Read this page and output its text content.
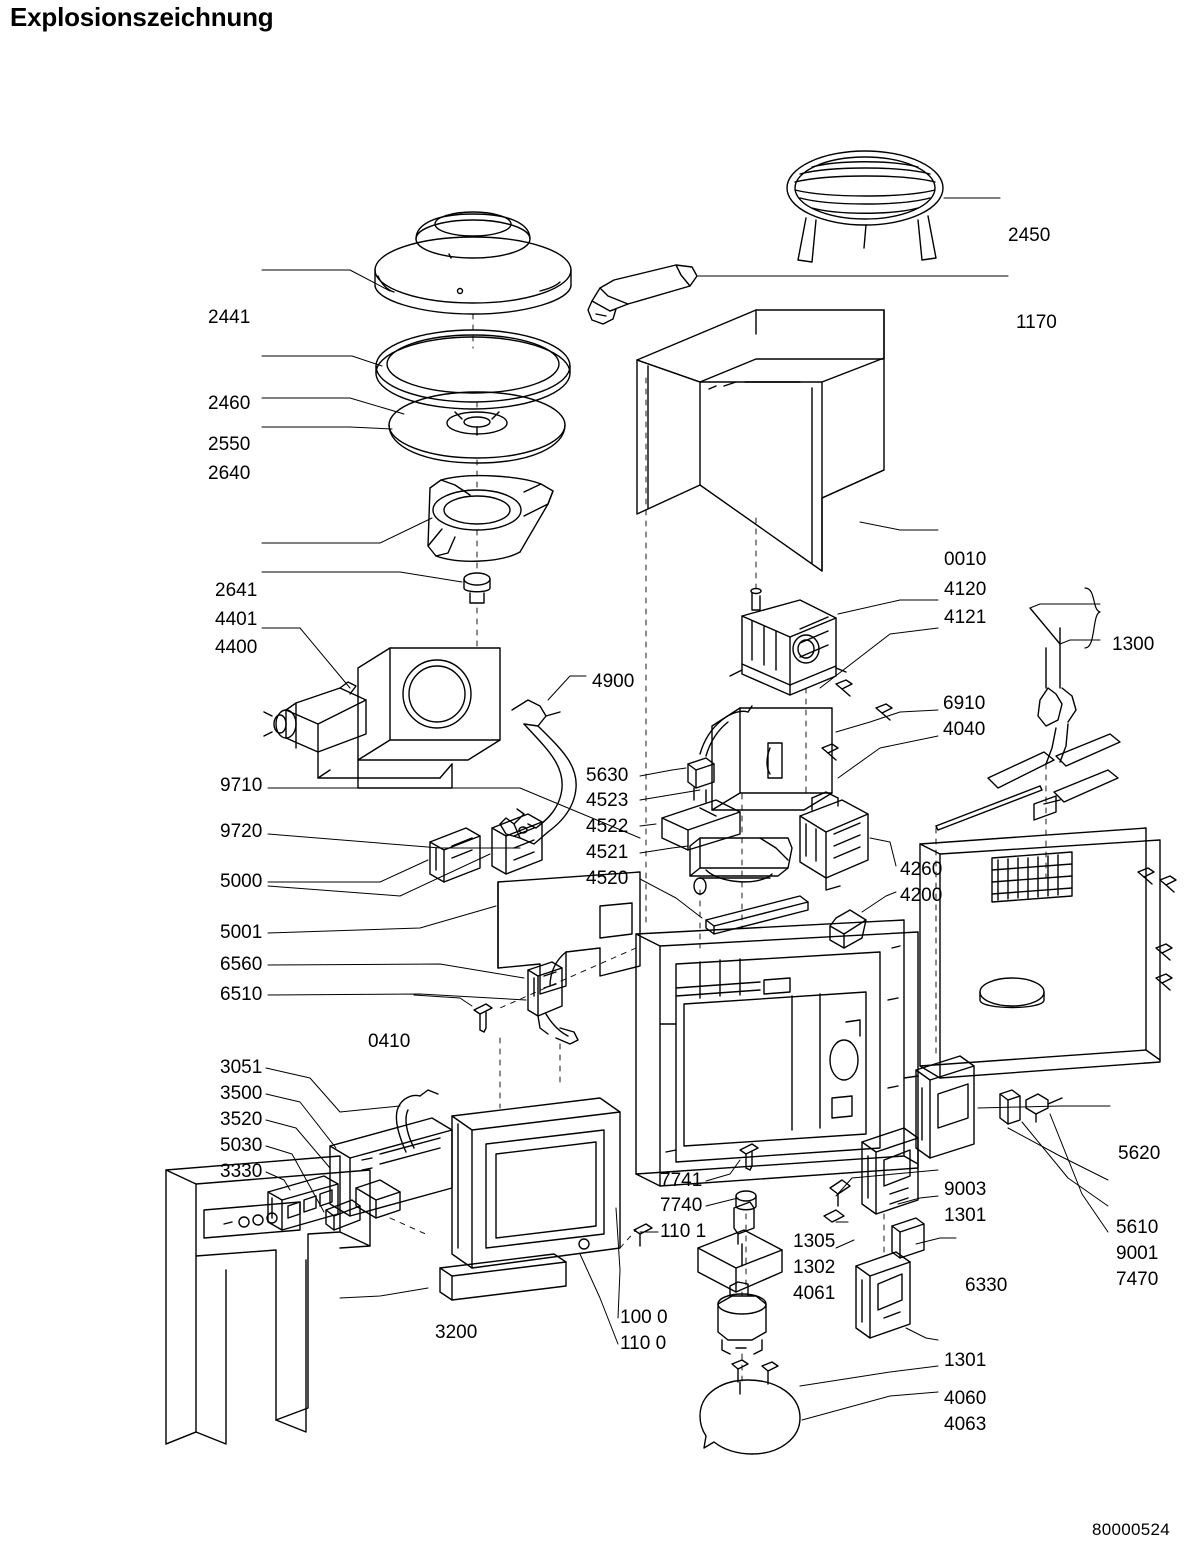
Explosionszeichnung
2450
2441	1170
2460
2550
2640
0010
4120
2641
4121
4401
1300
4400
4900
6910
4040
5630
4523
9710
4522
4521
9720
4520	4260
5000
4200
5001
6560
6510
0410
3051
3500
3520
5620
5030
3330	7741	9003
7740	1301
5610
110 1	1305
9001
1302
7470
6330
4061
100 0
3200
110 0
1301
4060
4063
80000524
